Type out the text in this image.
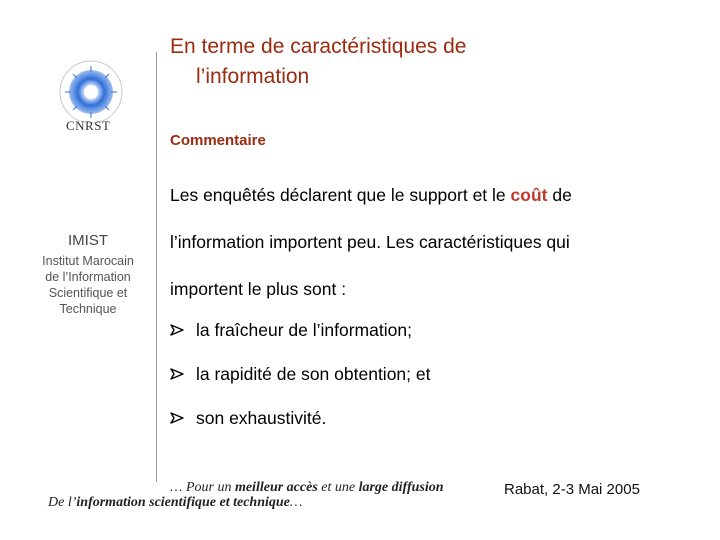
En terme de caractéristiques de
l’information
CNRST
IMIST
Institut Marocain
de l’Information
Scientifique et
Technique
Commentaire
Les enquêtés déclarent que le support et le coût de
l’information importent peu. Les caractéristiques qui
importent le plus sont :
la fraîcheur de l’information;
la rapidité de son obtention; et
son exhaustivité.
… Pour un meilleur accès et une large diffusion
De l’information scientifique et technique…
Rabat, 2-3 Mai 2005
